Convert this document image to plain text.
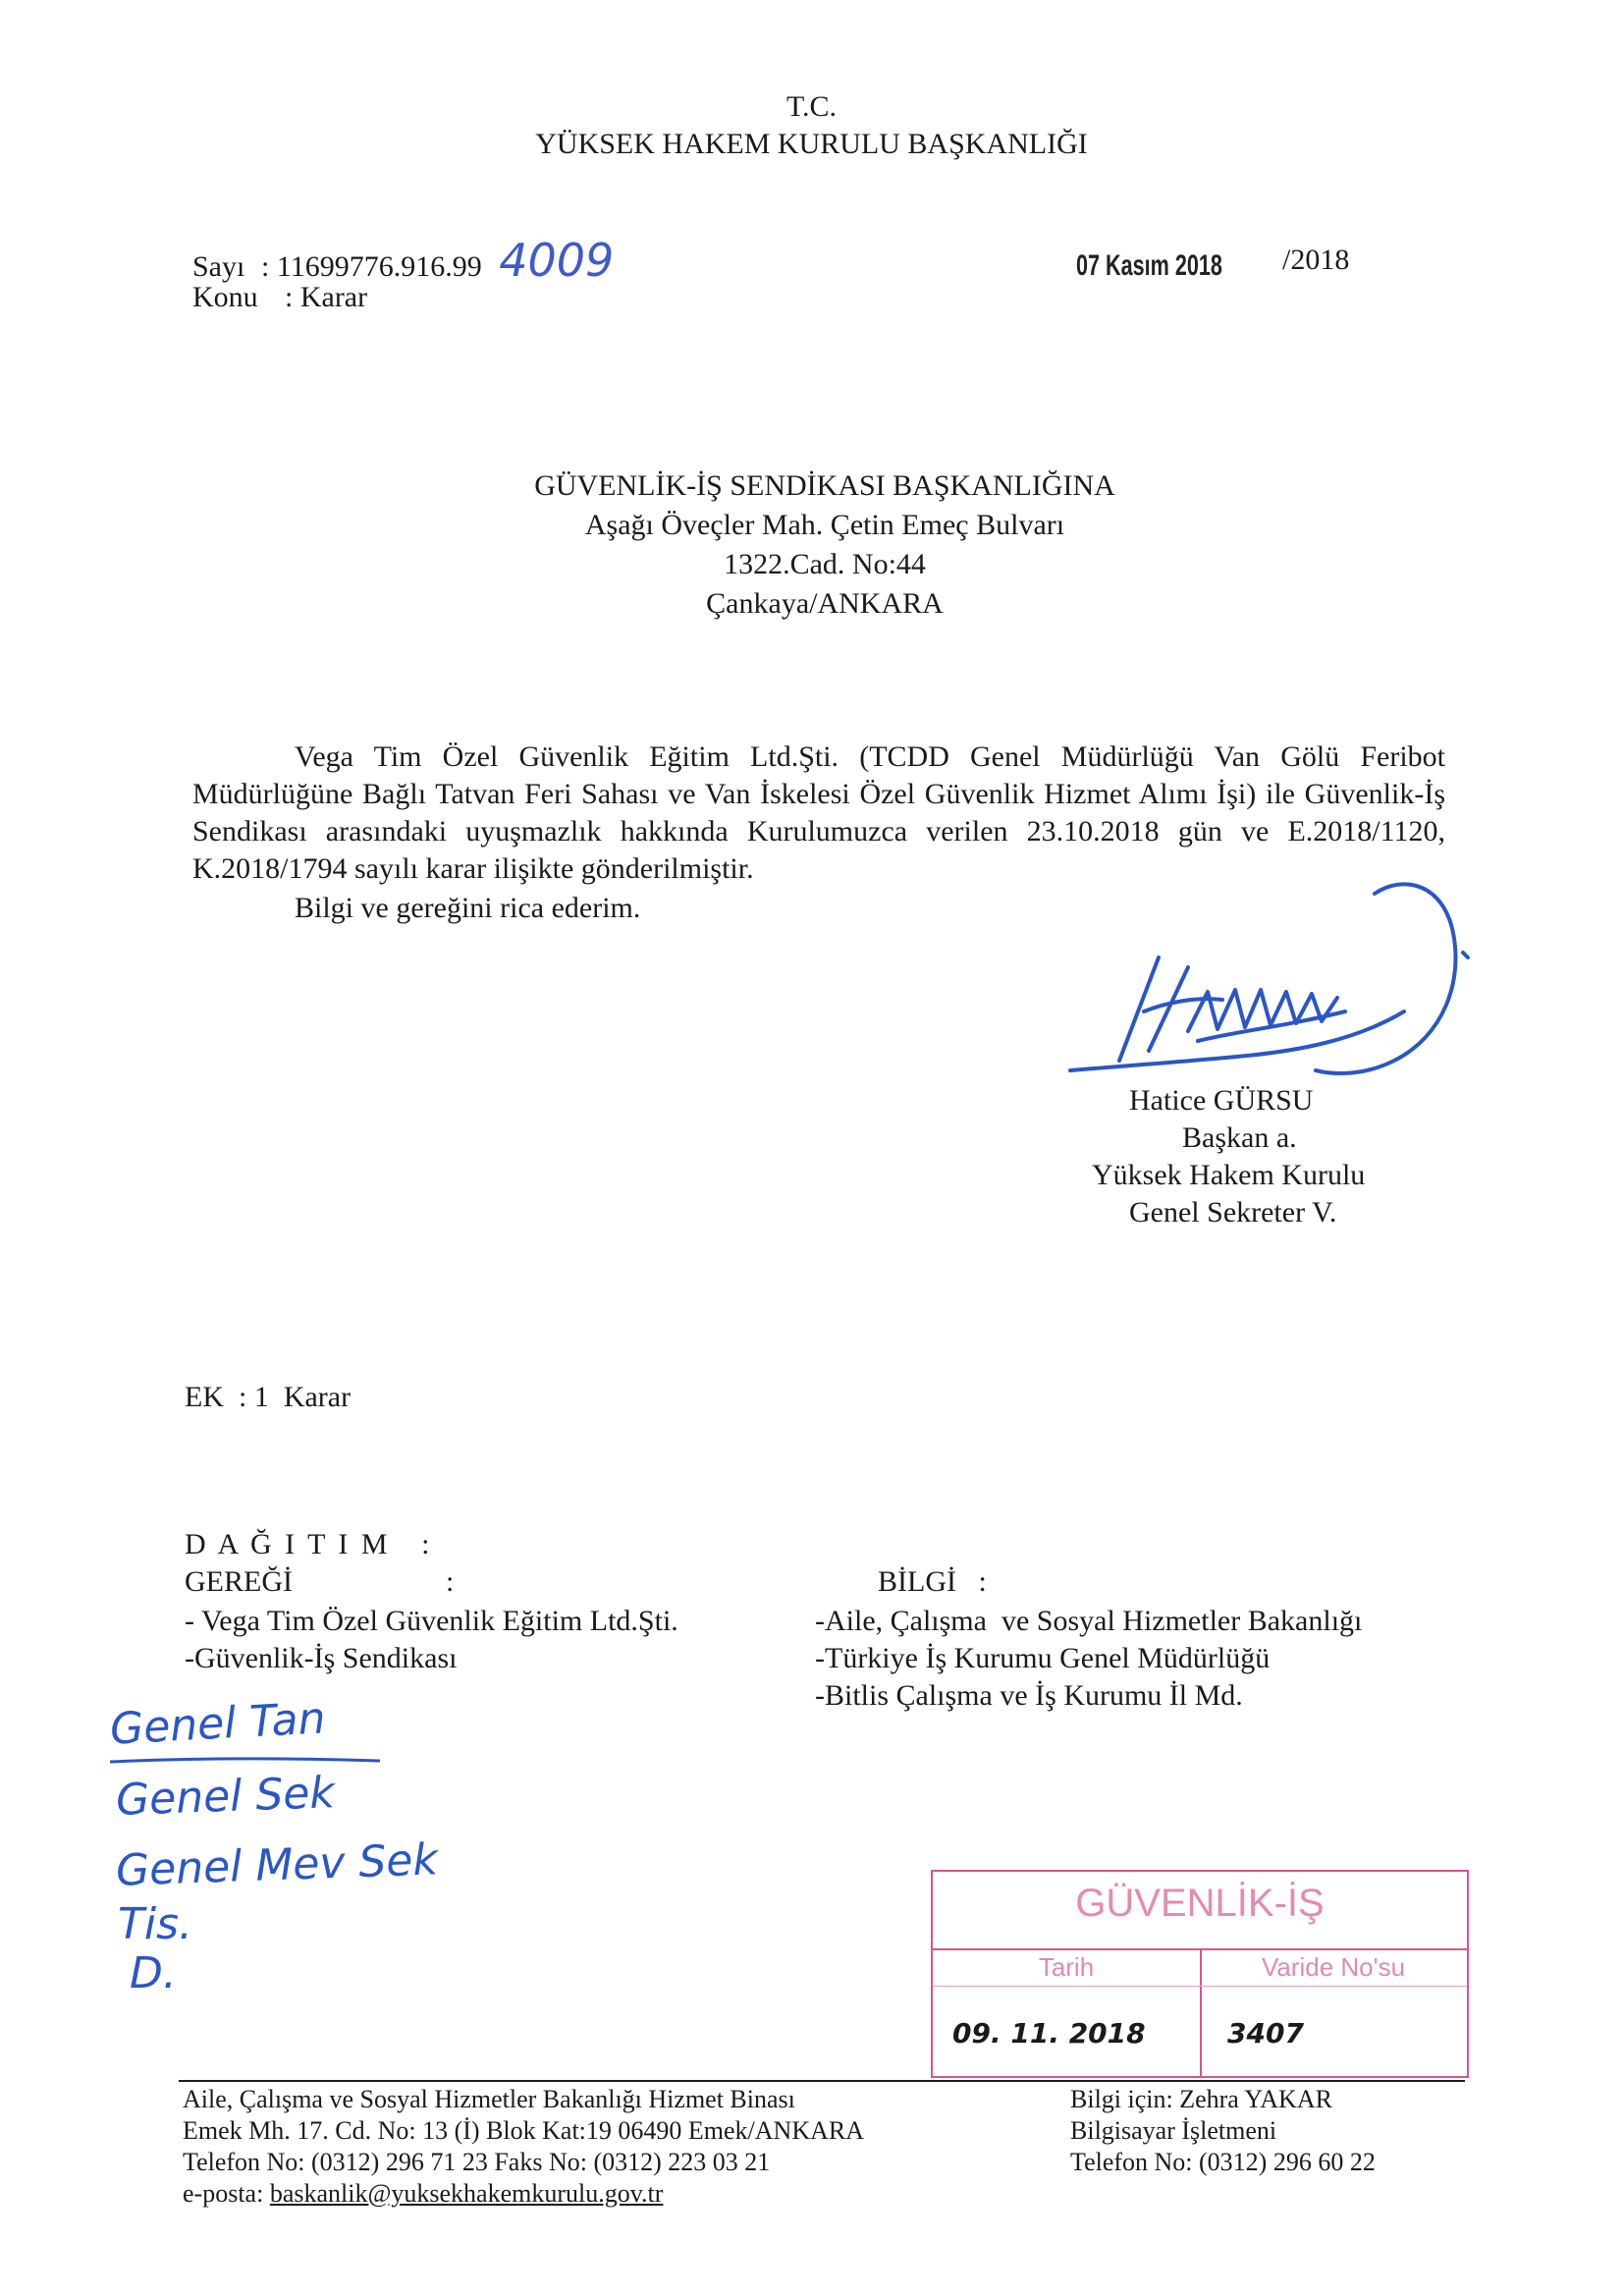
T.C.
YÜKSEK HAKEM KURULU BAŞKANLIĞI
Sayı : 11699776.916.99 4009
Konu : Karar
07 Kasım 2018 /2018
GÜVENLİK-İŞ SENDİKASI BAŞKANLIĞINA
Aşağı Öveçler Mah. Çetin Emeç Bulvarı
1322.Cad. No:44
Çankaya/ANKARA
Vega Tim Özel Güvenlik Eğitim Ltd.Şti. (TCDD Genel Müdürlüğü Van Gölü Feribot Müdürlüğüne Bağlı Tatvan Feri Sahası ve Van İskelesi Özel Güvenlik Hizmet Alımı İşi) ile Güvenlik-İş Sendikası arasındaki uyuşmazlık hakkında Kurulumuzca verilen 23.10.2018 gün ve E.2018/1120, K.2018/1794 sayılı karar ilişikte gönderilmiştir.
Bilgi ve gereğini rica ederim.
Hatice GÜRSU
Başkan a.
Yüksek Hakem Kurulu
Genel Sekreter V.
EK  : 1  Karar
D A Ğ I T I M   :
GEREĞİ	:
- Vega Tim Özel Güvenlik Eğitim Ltd.Şti.
-Güvenlik-İş Sendikası
BİLGİ   :
-Aile, Çalışma  ve Sosyal Hizmetler Bakanlığı
-Türkiye İş Kurumu Genel Müdürlüğü
-Bitlis Çalışma ve İş Kurumu İl Md.
Genel Tan
Genel Sek
Genel Mev Sek
Tis.
D.
GÜVENLİK-İŞ
Tarih	Varide No'su
09. 11. 2018	3407
Aile, Çalışma ve Sosyal Hizmetler Bakanlığı Hizmet Binası
Emek Mh. 17. Cd. No: 13 (İ) Blok Kat:19 06490 Emek/ANKARA
Telefon No: (0312) 296 71 23 Faks No: (0312) 223 03 21
e-posta: baskanlik@yuksekhakemkurulu.gov.tr
Bilgi için: Zehra YAKAR
Bilgisayar İşletmeni
Telefon No: (0312) 296 60 22
